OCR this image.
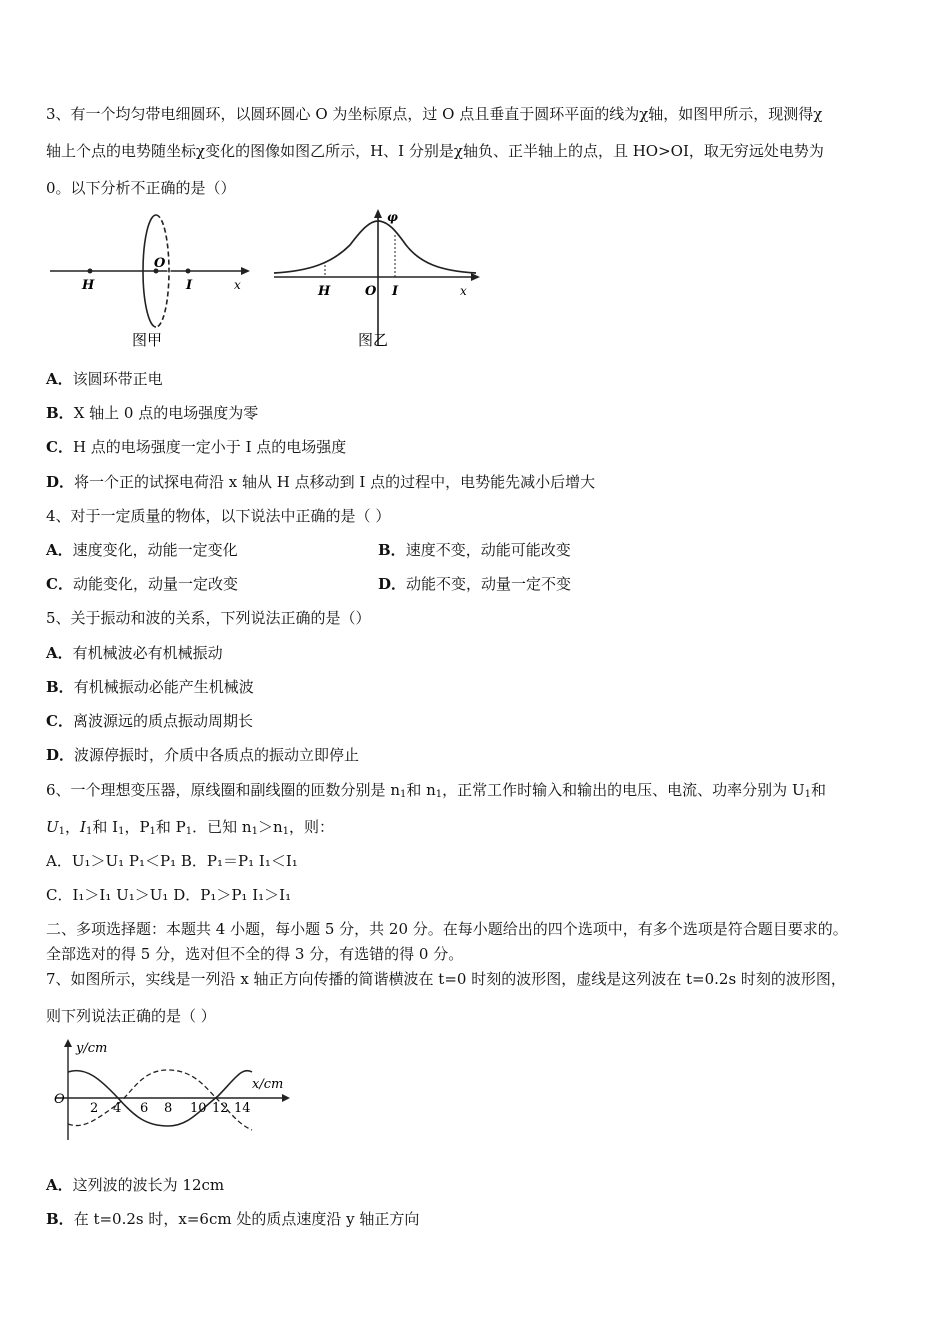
3、有一个均匀带电细圆环，以圆环圆心 O 为坐标原点，过 O 点且垂直于圆环平面的线为χ轴，如图甲所示，现测得χ
轴上个点的电势随坐标χ变化的图像如图乙所示，H、I 分别是χ轴负、正半轴上的点，且 HO>OI，取无穷远处电势为
0。以下分析不正确的是（）
H
O
I	x
图甲
φ
H	O I	x
图乙
A．该圆环带正电
B．X 轴上 0 点的电场强度为零
C．H 点的电场强度一定小于 I 点的电场强度
D．将一个正的试探电荷沿 x 轴从 H 点移动到 I 点的过程中，电势能先减小后增大
4、对于一定质量的物体，以下说法中正确的是（ ）
A．速度变化，动能一定变化	B．速度不变，动能可能改变
C．动能变化，动量一定改变	D．动能不变，动量一定不变
5、关于振动和波的关系，下列说法正确的是（）
A．有机械波必有机械振动
B．有机械振动必能产生机械波
C．离波源远的质点振动周期长
D．波源停振时，介质中各质点的振动立即停止
6、一个理想变压器，原线圈和副线圈的匝数分别是 $n_1$和 $n_1$，正常工作时输入和输出的电压、电流、功率分别为 $U_1$和
$U_1$，$I_1$和 $I_1$，$P_1$和 $P_1$．已知 $n_1>n_1$，则：
A．U₁＞U₁ P₁＜P₁ B．P₁＝P₁ I₁＜I₁
C．I₁＞I₁ U₁＞U₁ D．P₁＞P₁ I₁＞I₁
二、多项选择题：本题共 4 小题，每小题 5 分，共 20 分。在每小题给出的四个选项中，有多个选项是符合题目要求的。
全部选对的得 5 分，选对但不全的得 3 分，有选错的得 0 分。
7、如图所示，实线是一列沿 x 轴正方向传播的简谐横波在 t=0 时刻的波形图，虚线是这列波在 t=0.2s 时刻的波形图，
则下列说法正确的是（ ）
y/cm
x/cm
O
2 4 6 8 10 12 14
A．这列波的波长为 12cm
B．在 t=0.2s 时，x=6cm 处的质点速度沿 y 轴正方向
